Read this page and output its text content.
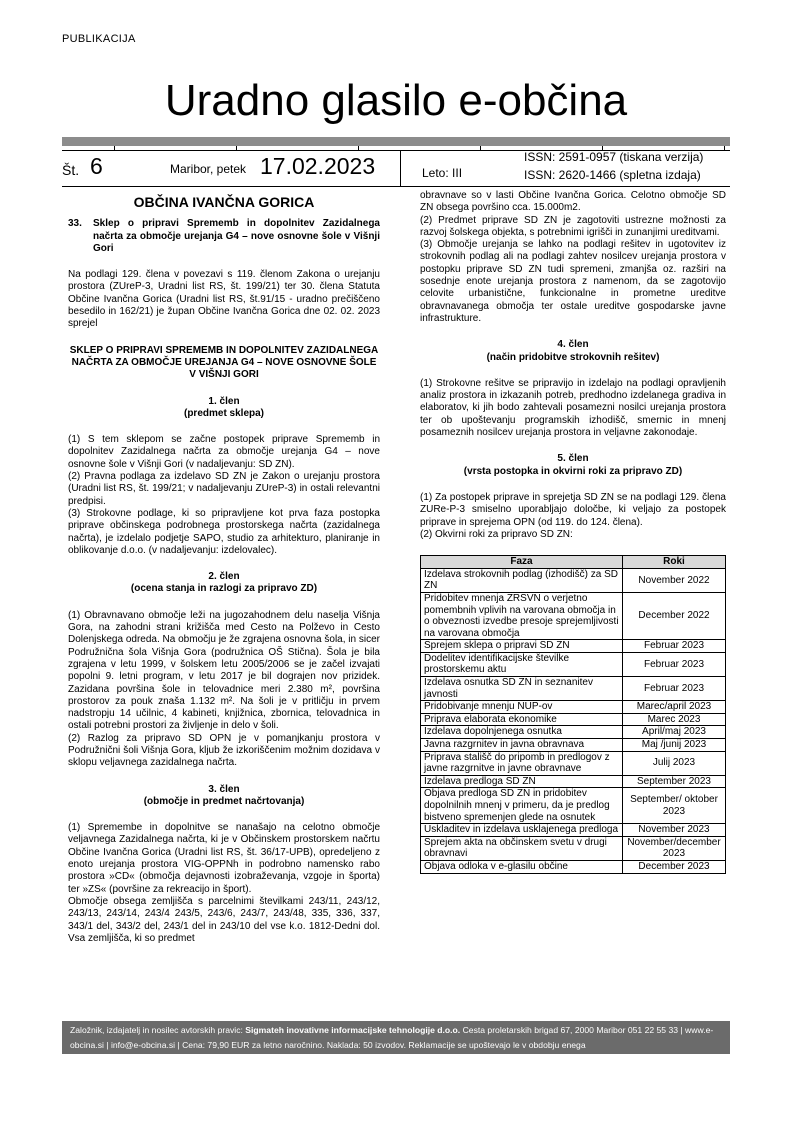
PUBLIKACIJA
Uradno glasilo e-občina
Št. 6	Maribor, petek 17.02.2023	Leto: III
ISSN: 2591-0957 (tiskana verzija)
ISSN: 2620-1466 (spletna izdaja)

OBČINA IVANČNA GORICA

33.	Sklep o pripravi Sprememb in dopolnitev Zazidalnega načrta za območje urejanja G4 – nove osnovne šole v Višnji Gori

Na podlagi 129. člena v povezavi s 119. členom Zakona o urejanju prostora (ZUreP-3, Uradni list RS, št. 199/21) ter 30. člena Statuta Občine Ivančna Gorica (Uradni list RS, št.91/15 - uradno prečiščeno besedilo in 162/21) je župan Občine Ivančna Gorica dne 02. 02. 2023 sprejel

SKLEP O PRIPRAVI SPREMEMB IN DOPOLNITEV ZAZIDALNEGA NAČRTA ZA OBMOČJE UREJANJA G4 – NOVE OSNOVNE ŠOLE V VIŠNJI GORI

1. člen

(predmet sklepa)

(1) S tem sklepom se začne postopek priprave Sprememb in dopolnitev Zazidalnega načrta za območje urejanja G4 – nove osnovne šole v Višnji Gori (v nadaljevanju: SD ZN).

(2) Pravna podlaga za izdelavo SD ZN je Zakon o urejanju prostora (Uradni list RS, št. 199/21; v nadaljevanju ZUreP-3) in ostali relevantni predpisi.

(3) Strokovne podlage, ki so pripravljene kot prva faza postopka priprave občinskega podrobnega prostorskega načrta (zazidalnega načrta), je izdelalo podjetje SAPO, studio za arhitekturo, planiranje in oblikovanje d.o.o. (v nadaljevanju: izdelovalec).

2. člen

(ocena stanja in razlogi za pripravo ZD)

(1) Obravnavano območje leži na jugozahodnem delu naselja Višnja Gora, na zahodni strani križišča med Cesto na Polževo in Cesto Dolenjskega odreda. Na območju je že zgrajena osnovna šola, in sicer Podružnična šola Višnja Gora (podružnica OŠ Stična). Šola je bila zgrajena v letu 1999, v šolskem letu 2005/2006 se je začel izvajati popolni 9. letni program, v letu 2017 je bil dograjen nov prizidek. Zazidana površina šole in telovadnice meri 2.380 m², površina prostorov za pouk znaša 1.132 m². Na šoli je v pritličju in prvem nadstropju 14 učilnic, 4 kabineti, knjižnica, zbornica, telovadnica in ostali potrebni prostori za življenje in delo v šoli.

(2) Razlog za pripravo SD OPN je v pomanjkanju prostora v Podružnični šoli Višnja Gora, kljub že izkoriščenim možnim dozidava v sklopu veljavnega zazidalnega načrta.

3. člen

(območje in predmet načrtovanja)

(1) Spremembe in dopolnitve se nanašajo na celotno območje veljavnega Zazidalnega načrta, ki je v Občinskem prostorskem načrtu Občine Ivančna Gorica (Uradni list RS, št. 36/17-UPB), opredeljeno z enoto urejanja prostora VIG-OPPNh in podrobno namensko rabo prostora »CD« (območja dejavnosti izobraževanja, vzgoje in športa) ter »ZS« (površine za rekreacijo in šport).

Območje obsega zemljišča s parcelnimi številkami 243/11, 243/12, 243/13, 243/14, 243/4 243/5, 243/6, 243/7, 243/48, 335, 336, 337, 343/1 del, 343/2 del, 243/1 del in 243/10 del vse k.o. 1812-Dedni dol. Vsa zemljišča, ki so predmet

obravnave so v lasti Občine Ivančna Gorica. Celotno območje SD ZN obsega površino cca. 15.000m2.

(2) Predmet priprave SD ZN je zagotoviti ustrezne možnosti za razvoj šolskega objekta, s potrebnimi igrišči in zunanjimi ureditvami.

(3) Območje urejanja se lahko na podlagi rešitev in ugotovitev iz strokovnih podlag ali na podlagi zahtev nosilcev urejanja prostora v postopku priprave SD ZN tudi spremeni, zmanjša oz. razširi na sosednje enote urejanja prostora z namenom, da se zagotovijo celovite urbanistične, funkcionalne in prometne ureditve obravnavanega območja ter ostale ureditve gospodarske javne infrastrukture.

4. člen

(način pridobitve strokovnih rešitev)

(1) Strokovne rešitve se pripravijo in izdelajo na podlagi opravljenih analiz prostora in izkazanih potreb, predhodno izdelanega gradiva in elaboratov, ki jih bodo zahtevali posamezni nosilci urejanja prostora ter ob upoštevanju programskih izhodišč, smernic in mnenj posameznih nosilcev urejanja prostora in veljavne zakonodaje.

5. člen

(vrsta postopka in okvirni roki za pripravo ZD)

(1) Za postopek priprave in sprejetja SD ZN se na podlagi 129. člena ZURe-P-3 smiselno uporabljajo določbe, ki veljajo za postopek priprave in sprejema OPN (od 119. do 124. člena).

(2) Okvirni roki za pripravo SD ZN:

Faza	Roki
Izdelava strokovnih podlag (izhodišč) za SD ZN	November 2022
Pridobitev mnenja ZRSVN o verjetno pomembnih vplivih na varovana območja in o obveznosti izvedbe presoje sprejemljivosti na varovana območja	December 2022
Sprejem sklepa o pripravi SD ZN	Februar 2023
Dodelitev identifikacijske številke prostorskemu aktu	Februar 2023
Izdelava osnutka SD ZN in seznanitev javnosti	Februar 2023
Pridobivanje mnenju NUP-ov	Marec/april 2023
Priprava elaborata ekonomike	Marec 2023
Izdelava dopolnjenega osnutka	April/maj 2023
Javna razgrnitev in javna obravnava	Maj /junij 2023
Priprava stališč do pripomb in predlogov z javne razgrnitve in javne obravnave	Julij 2023
Izdelava predloga SD ZN	September 2023
Objava predloga SD ZN in pridobitev dopolnilnih mnenj v primeru, da je predlog bistveno spremenjen glede na osnutek	September/ oktober 2023
Uskladitev in izdelava usklajenega predloga	November 2023
Sprejem akta na občinskem svetu v drugi obravnavi	November/december 2023
Objava odloka v e-glasilu občine	December 2023
Založnik, izdajatelj in nosilec avtorskih pravic: Sigmateh inovativne informacijske tehnologije d.o.o. Cesta proletarskih brigad 67, 2000 Maribor 051 22 55 33 | www.e-obcina.si | info@e-obcina.si | Cena: 79,90 EUR za letno naročnino. Naklada: 50 izvodov. Reklamacije se upoštevajo le v obdobju enega
